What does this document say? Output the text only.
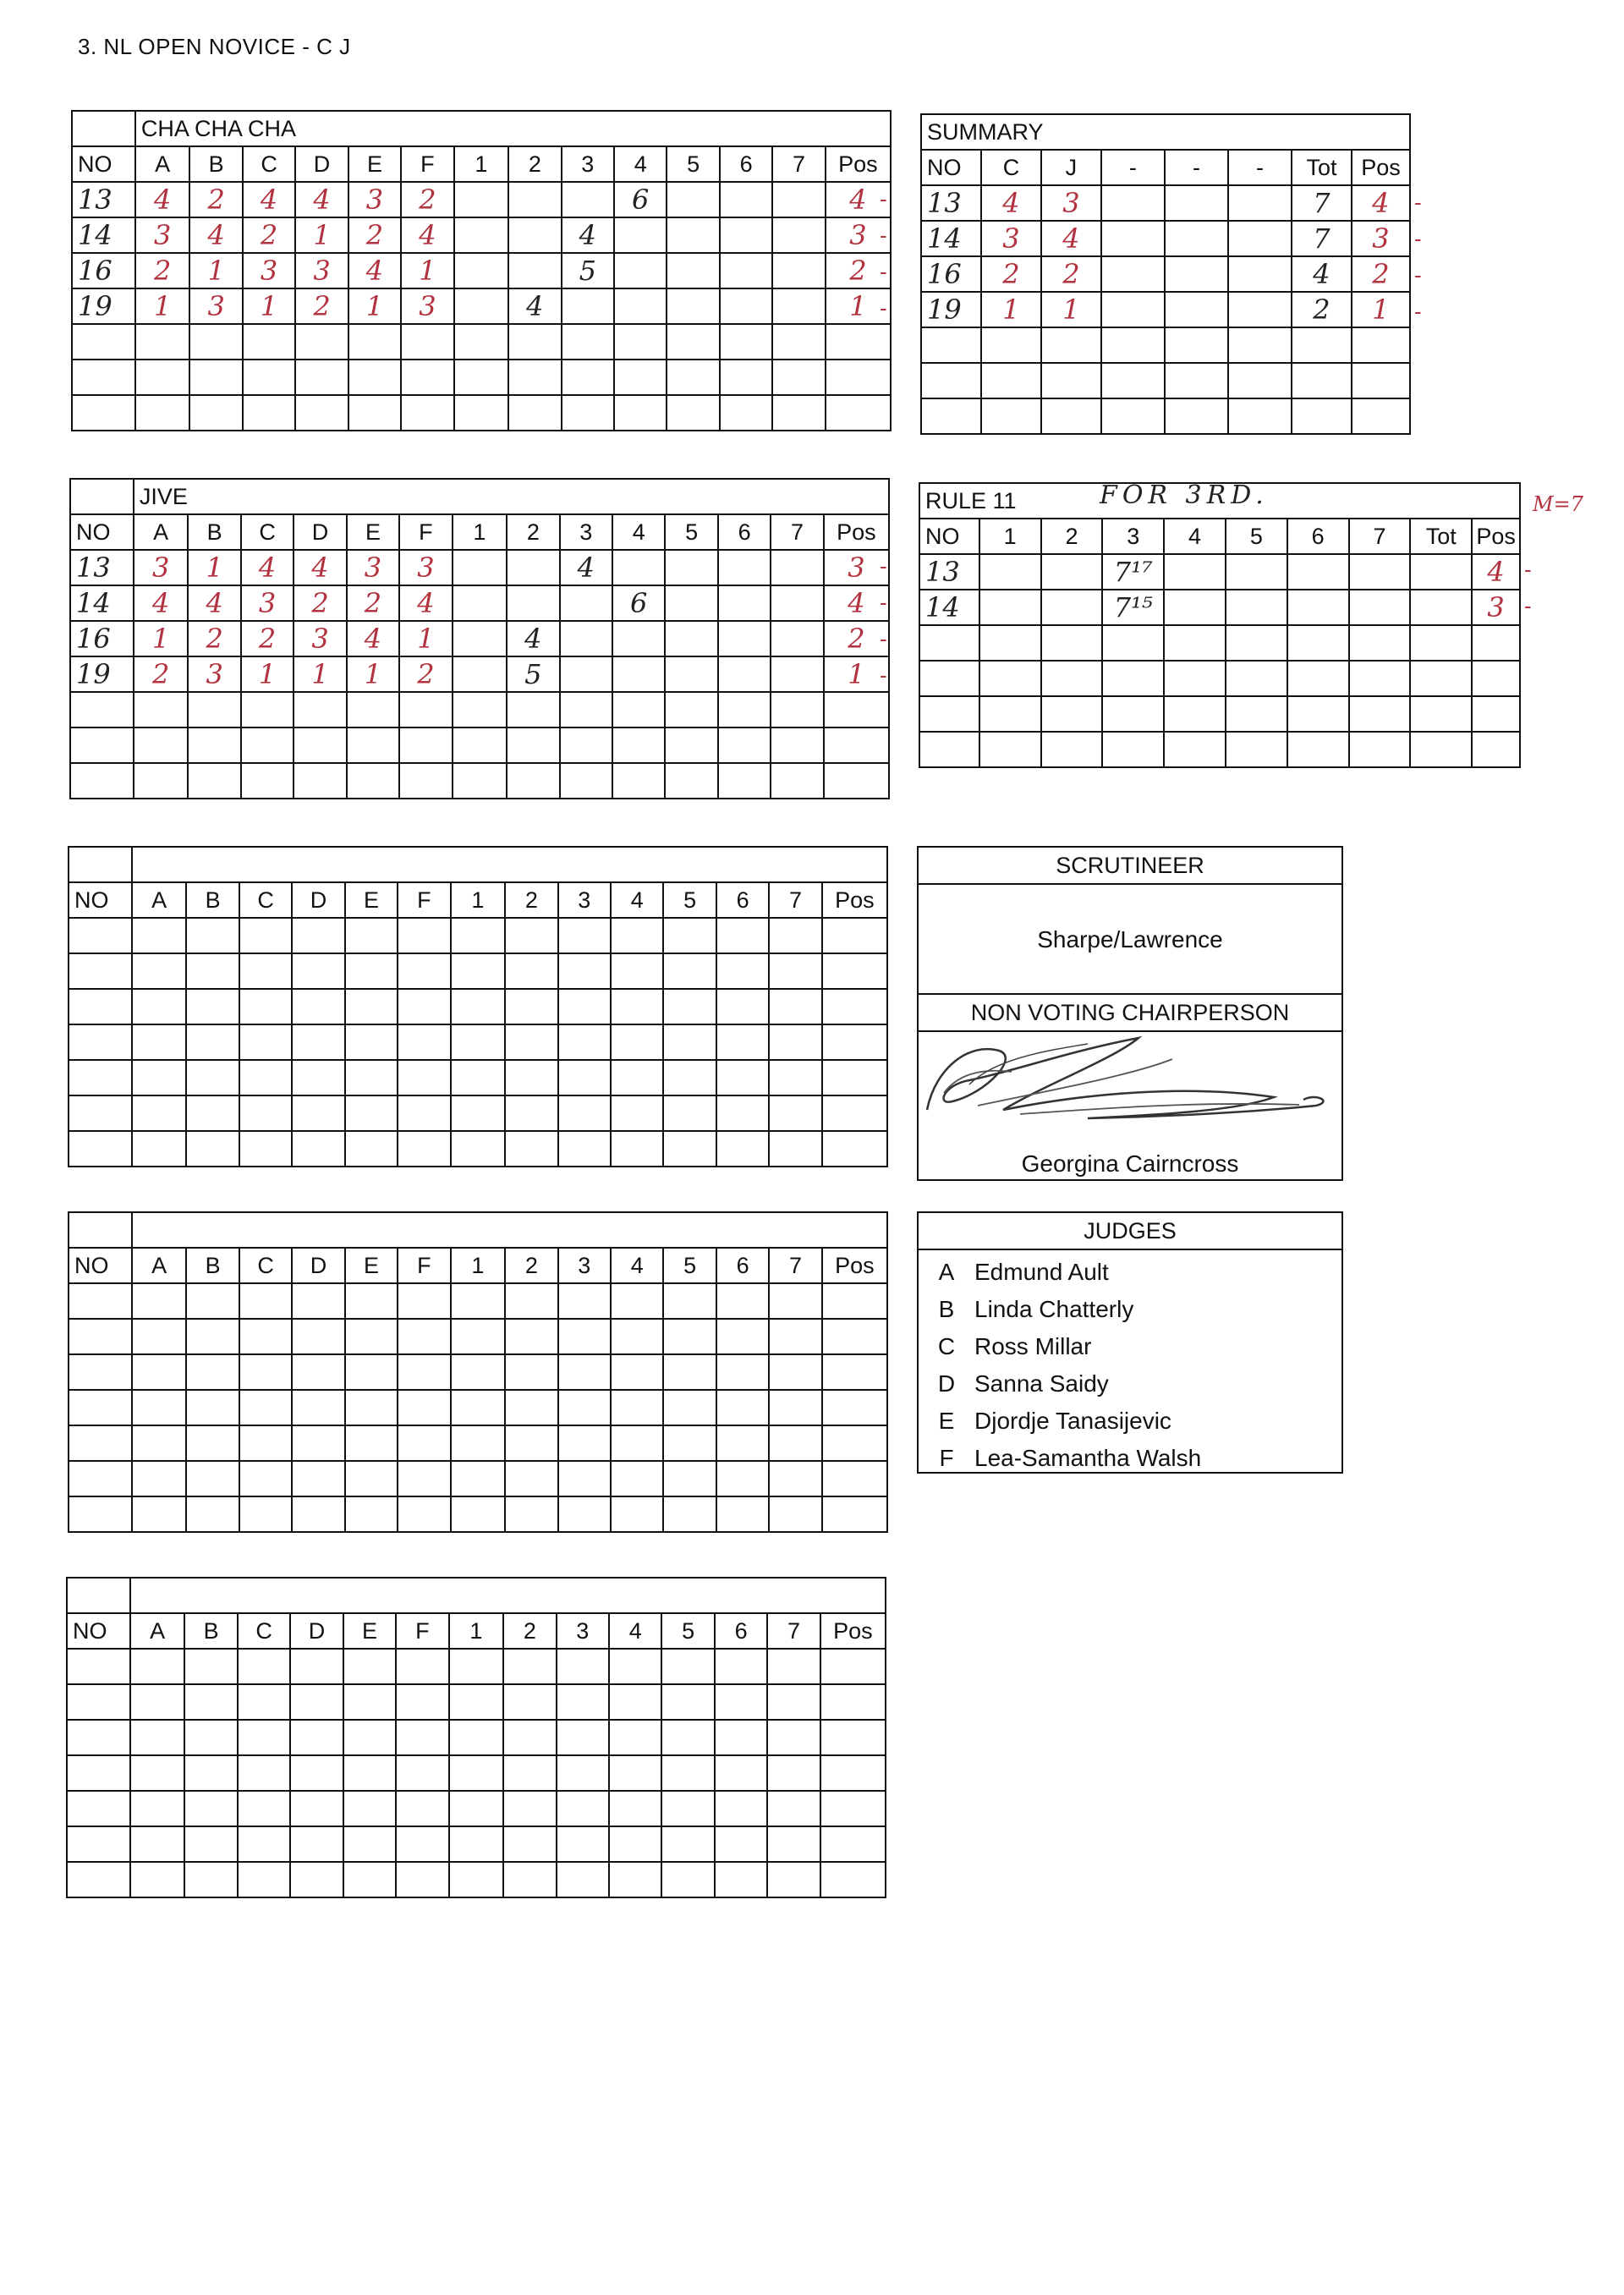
3. NL OPEN NOVICE - C J
	CHA CHA CHA													
NO	A	B	C	D	E	F	1	2	3	4	5	6	7	Pos
13	4	2	4	4	3	2				6				4
14	3	4	2	1	2	4			4					3
16	2	1	3	3	4	1			5					2
19	1	3	1	2	1	3		4						1

	JIVE													
NO	A	B	C	D	E	F	1	2	3	4	5	6	7	Pos
13	3	1	4	4	3	3			4					3
14	4	4	3	2	2	4				6				4
16	1	2	2	3	4	1		4						2
19	2	3	1	1	1	2		5						1

NO	A	B	C	D	E	F	1	2	3	4	5	6	7	Pos

NO	A	B	C	D	E	F	1	2	3	4	5	6	7	Pos

NO	A	B	C	D	E	F	1	2	3	4	5	6	7	Pos

SUMMARY							
NO	C	J	-	-	-	Tot	Pos
13	4	3				7	4
14	3	4				7	3
16	2	2				4	2
19	1	1				2	1

RULE 11									
NO	1	2	3	4	5	6	7	Tot	Pos
13			7¹⁷						4
14			7¹⁵						3

FOR 3RD.	M=7
-
-
-
-
-
-
-
-
-
-
-
-
-
-
SCRUTINEER
Sharpe/Lawrence
NON VOTING CHAIRPERSON
Georgina Cairncross
JUDGES
A Edmund Ault
B Linda Chatterly
C Ross Millar
D Sanna Saidy
E Djordje Tanasijevic
F Lea-Samantha Walsh
